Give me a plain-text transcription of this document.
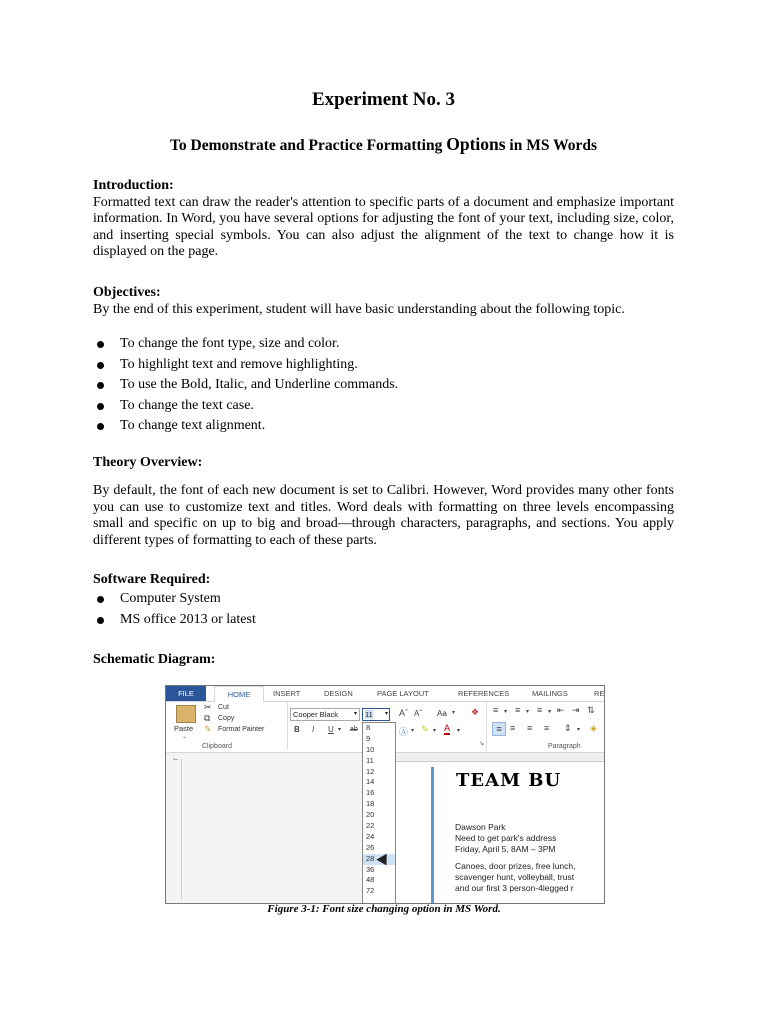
Experiment No. 3
To Demonstrate and Practice Formatting Options in MS Words
Introduction:
Formatted text can draw the reader's attention to specific parts of a document and emphasize important information. In Word, you have several options for adjusting the font of your text, including size, color, and inserting special symbols. You can also adjust the alignment of the text to change how it is displayed on the page.
Objectives:
By the end of this experiment, student will have basic understanding about the following topic.
To change the font type, size and color.
To highlight text and remove highlighting.
To use the Bold, Italic, and Underline commands.
To change the text case.
To change text alignment.
Theory Overview:
By default, the font of each new document is set to Calibri. However, Word provides many other fonts you can use to customize text and titles. Word deals with formatting on three levels encompassing small and specific on up to big and broad—through characters, paragraphs, and sections. You apply different types of formatting to each of these parts.
Software Required:
Computer System
MS office 2013 or latest
Schematic Diagram:
FILE	HOME	INSERT	DESIGN	PAGE LAYOUT	REFERENCES	MAILINGS	RE
Paste
⌄
✂ Cut
⧉ Copy
✎ Format Painter
Clipboard
Cooper Black	▾	11 ▾ Aˆ Aˇ Aa ▾ ❖
B I U ▾ ab	Ⓐ ▾ ✎ ▾ A ▾
↘
≡ ▾ ≡ ▾ ≡ ▾ ⇤ ⇥ ⇅
≡ ≡ ≡ ≡ ⇕ ▾ ◈
Paragraph
⌙
TEAM BU
Dawson Park
Need to get park's address
Friday, April 5, 8AM – 3PM
Canoes, door prizes, free lunch,
scavenger hunt, volleyball, trust
and our first 3 person-4legged r
8
9
10
11
12
14
16
18
20
22
24
26
28
36
48
72
Figure 3-1: Font size changing option in MS Word.
